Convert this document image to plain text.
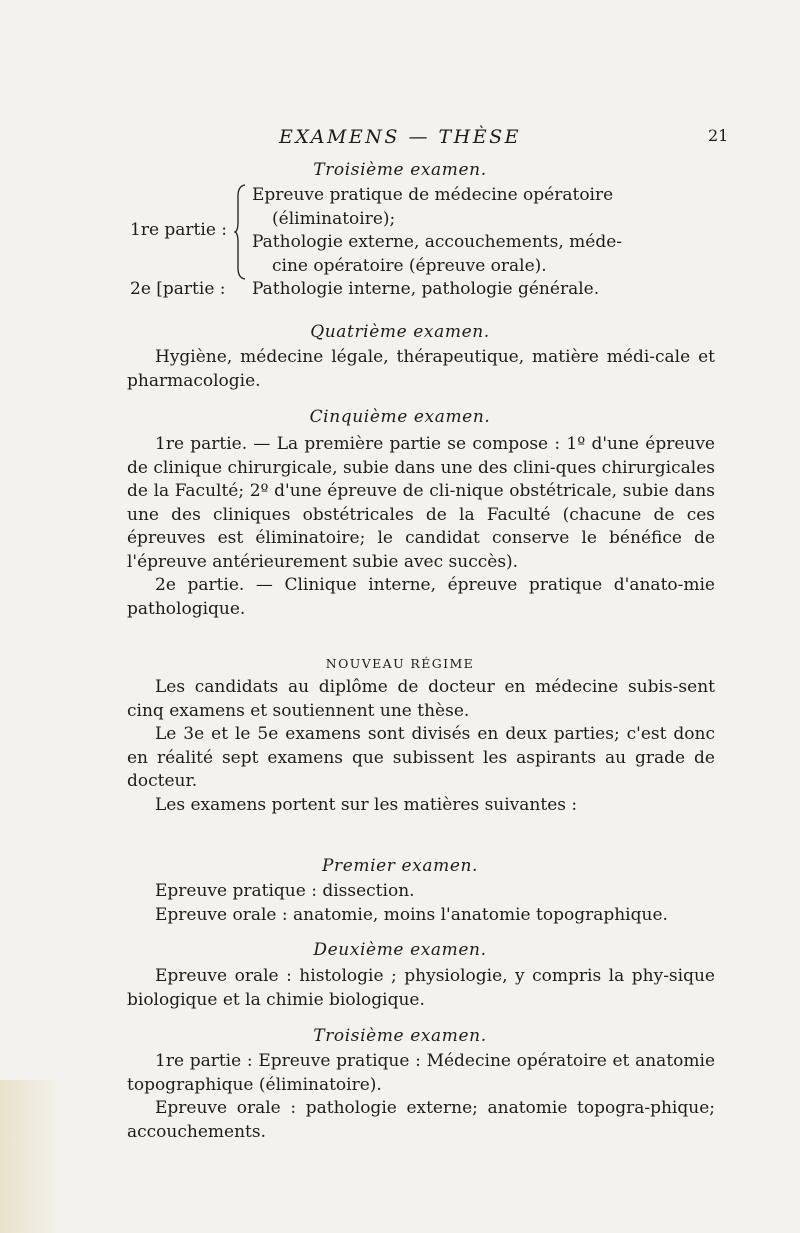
EXAMENS — THÈSE	21
Troisième examen.
1re partie :
Epreuve pratique de médecine opératoire
(éliminatoire);
Pathologie externe, accouchements, méde-
cine opératoire (épreuve orale).
2e [partie : Pathologie interne, pathologie générale.
Quatrième examen.

Hygiène, médecine légale, thérapeutique, matière médi-cale et pharmacologie.

Cinquième examen.

1re partie. — La première partie se compose : 1º d'une épreuve de clinique chirurgicale, subie dans une des clini-ques chirurgicales de la Faculté; 2º d'une épreuve de cli-nique obstétricale, subie dans une des cliniques obstétricales de la Faculté (chacune de ces épreuves est éliminatoire; le candidat conserve le bénéfice de l'épreuve antérieurement subie avec succès).

2e partie. — Clinique interne, épreuve pratique d'anato-mie pathologique.

NOUVEAU RÉGIME

Les candidats au diplôme de docteur en médecine subis-sent cinq examens et soutiennent une thèse.

Le 3e et le 5e examens sont divisés en deux parties; c'est donc en réalité sept examens que subissent les aspirants au grade de docteur.

Les examens portent sur les matières suivantes :

Premier examen.

Epreuve pratique : dissection.

Epreuve orale : anatomie, moins l'anatomie topographique.

Deuxième examen.

Epreuve orale : histologie ; physiologie, y compris la phy-sique biologique et la chimie biologique.

Troisième examen.

1re partie : Epreuve pratique : Médecine opératoire et anatomie topographique (éliminatoire).

Epreuve orale : pathologie externe; anatomie topogra-phique; accouchements.
